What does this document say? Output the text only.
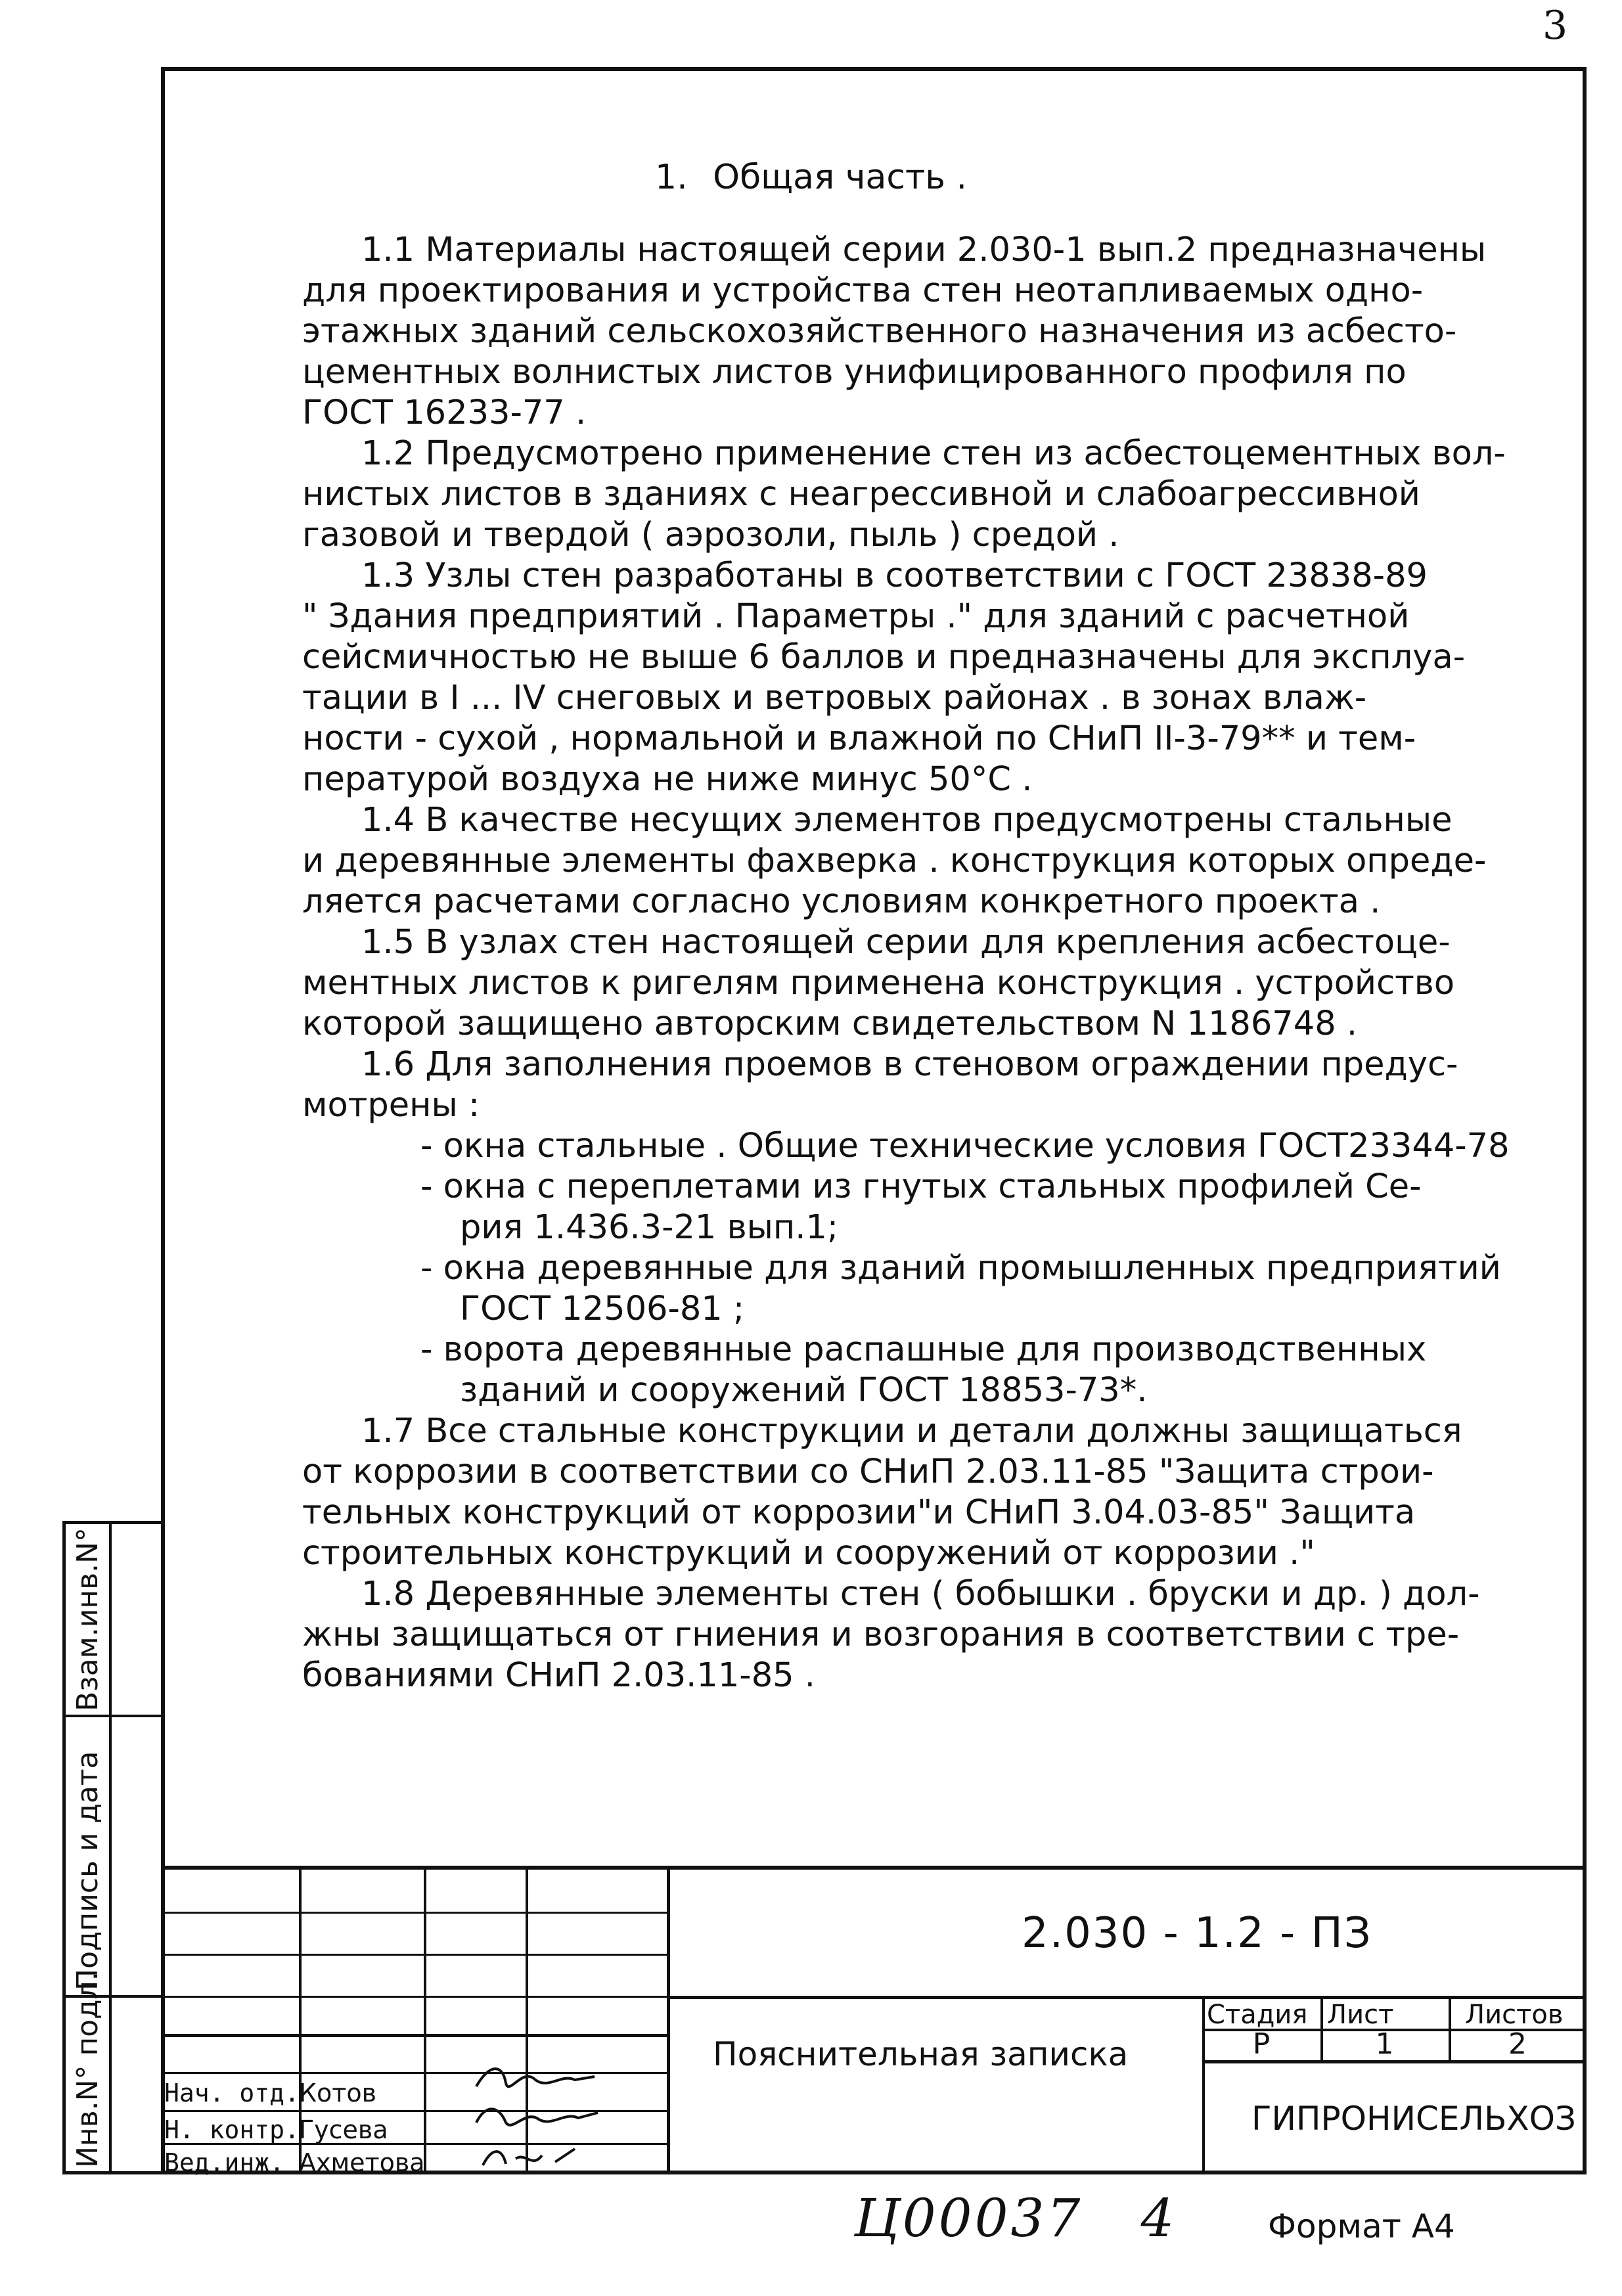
3
1. Общая часть .
1.1 Материалы настоящей серии 2.030-1 вып.2 предназначены
для проектирования и устройства стен неотапливаемых одно-
этажных зданий сельскохозяйственного назначения из асбесто-
цементных волнистых листов унифицированного профиля по
ГОСТ 16233-77 .
1.2 Предусмотрено применение стен из асбестоцементных вол-
нистых листов в зданиях с неагрессивной и слабоагрессивной
газовой и твердой ( аэрозоли, пыль ) средой .
1.3 Узлы стен разработаны в соответствии с ГОСТ 23838-89
" Здания предприятий . Параметры ." для зданий с расчетной
сейсмичностью не выше 6 баллов и предназначены для эксплуа-
тации в I ... IV снеговых и ветровых районах . в зонах влаж-
ности - сухой , нормальной и влажной по СНиП II-3-79** и тем-
пературой воздуха не ниже минус 50°С .
1.4 В качестве несущих элементов предусмотрены стальные
и деревянные элементы фахверка . конструкция которых опреде-
ляется расчетами согласно условиям конкретного проекта .
1.5 В узлах стен настоящей серии для крепления асбестоце-
ментных листов к ригелям применена конструкция . устройство
которой защищено авторским свидетельством N 1186748 .
1.6 Для заполнения проемов в стеновом ограждении предус-
мотрены :
- окна стальные . Общие технические условия ГОСТ23344-78
- окна с переплетами из гнутых стальных профилей Се-
рия 1.436.3-21 вып.1;
- окна деревянные для зданий промышленных предприятий
ГОСТ 12506-81 ;
- ворота деревянные распашные для производственных
зданий и сооружений ГОСТ 18853-73*.
1.7 Все стальные конструкции и детали должны защищаться
от коррозии в соответствии со СНиП 2.03.11-85 "Защита строи-
тельных конструкций от коррозии"и СНиП 3.04.03-85" Защита
строительных конструкций и сооружений от коррозии ."
1.8 Деревянные элементы стен ( бобышки . бруски и др. ) дол-
жны защищаться от гниения и возгорания в соответствии с тре-
бованиями СНиП 2.03.11-85 .
Взам.инв.N°
Подпись и дата
Инв.N° подл.
2.030 - 1.2 - ПЗ
Пояснительная записка
Стадия Лист	Листов
Р	1	2
ГИПРОНИСЕЛЬХОЗ
Нач. отд. Котов
Н. контр. Гусева
Вед.инж. Ахметова
Ц00037   4	Формат А4
